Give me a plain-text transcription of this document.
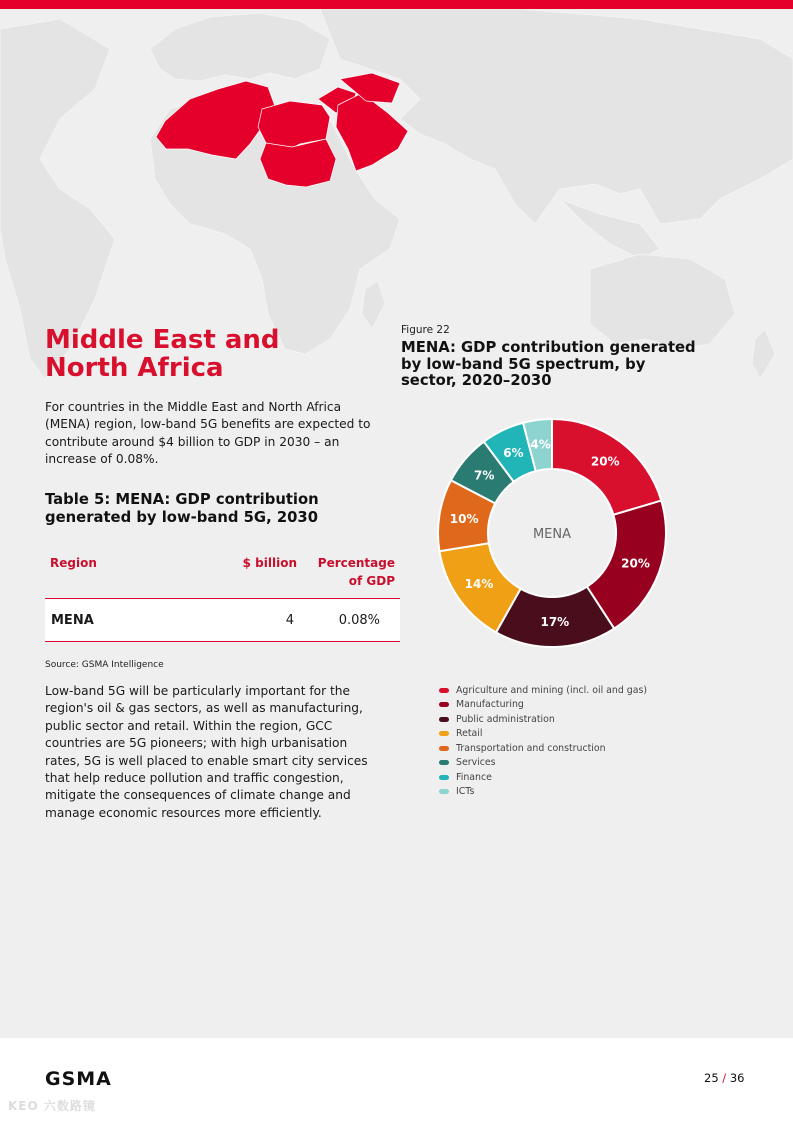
Middle East and North Africa

For countries in the Middle East and North Africa (MENA) region, low-band 5G benefits are expected to contribute around $4 billion to GDP in 2030 – an increase of 0.08%.

Table 5: MENA: GDP contribution generated by low-band 5G, 2030
Region	$ billion	Percentage of GDP
MENA	4	0.08%
Source: GSMA Intelligence

Low-band 5G will be particularly important for the region's oil & gas sectors, as well as manufacturing, public sector and retail. Within the region, GCC countries are 5G pioneers; with high urbanisation rates, 5G is well placed to enable smart city services that help reduce pollution and traffic congestion, mitigate the consequences of climate change and manage economic resources more efficiently.

Figure 22
MENA: GDP contribution generated by low-band 5G spectrum, by sector, 2020–2030
20%
20%
17%
14%
10%
7%
6%
4%
MENA
Agriculture and mining (incl. oil and gas)
Manufacturing
Public administration
Retail
Transportation and construction
Services
Finance
ICTs
GSMA	25 / 36
KEO 六数路镜
